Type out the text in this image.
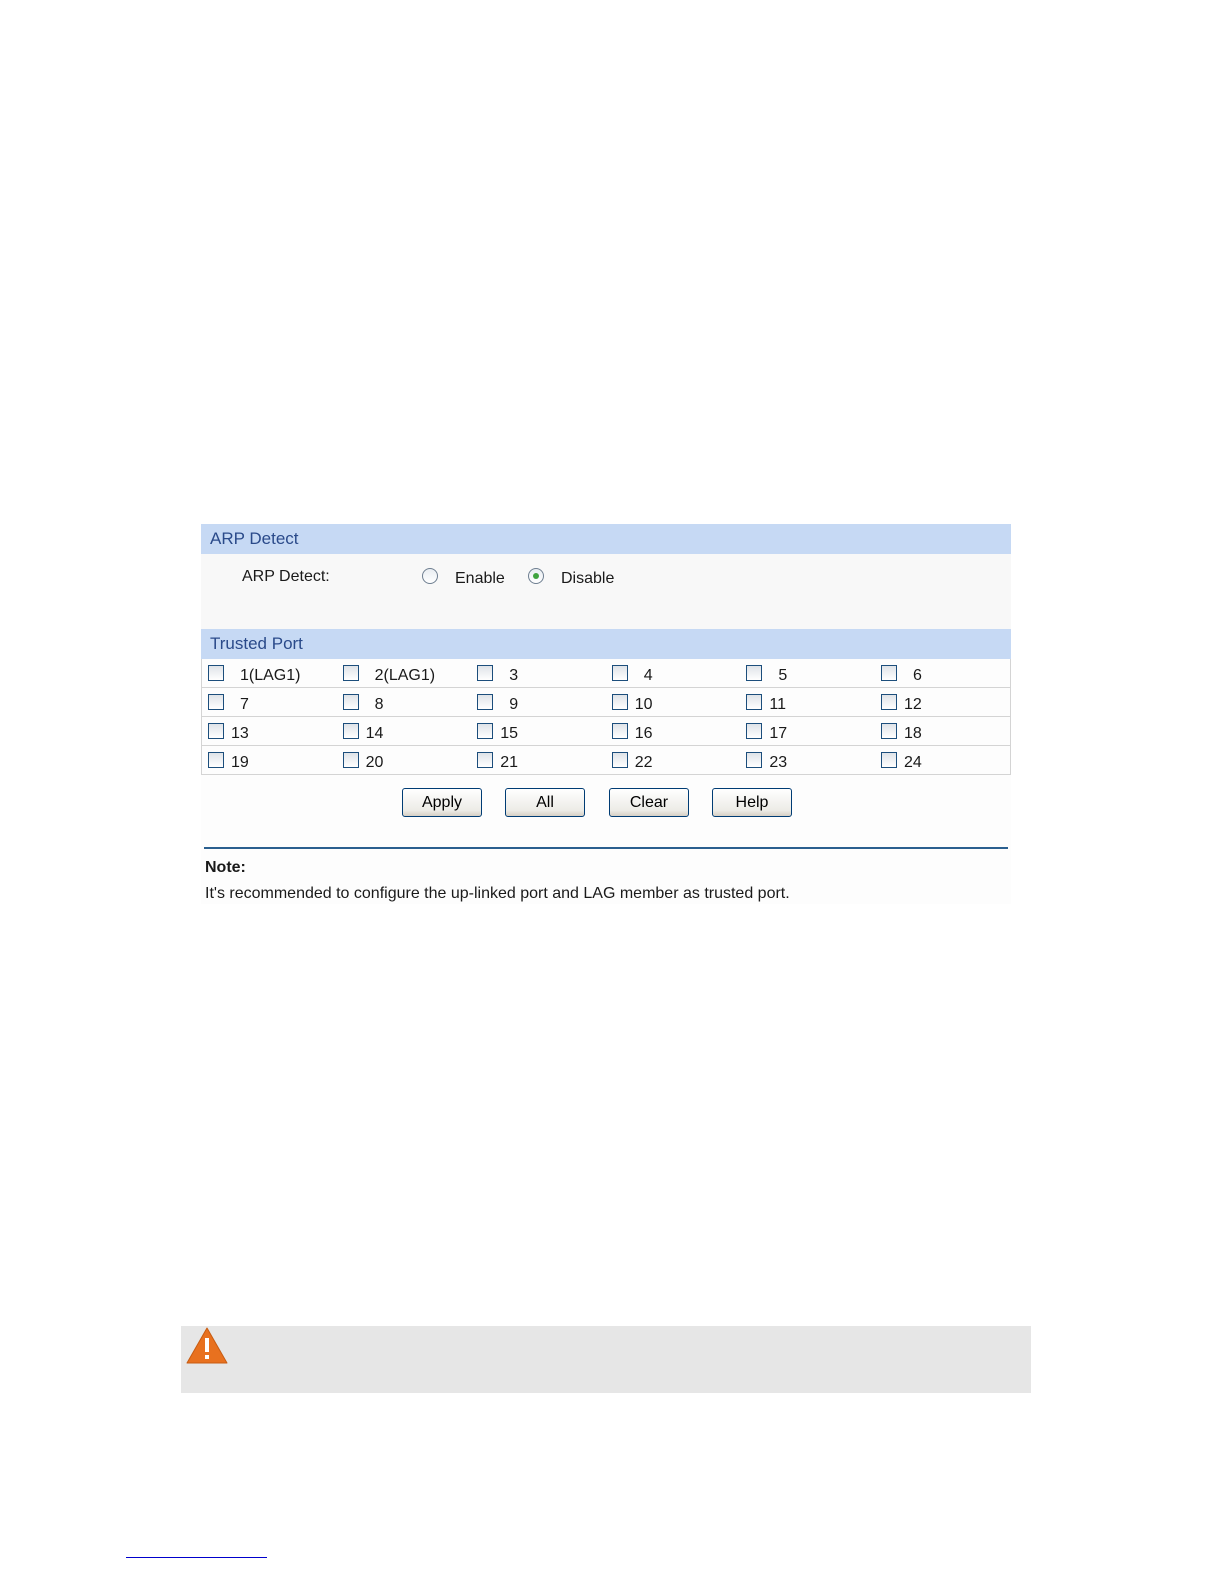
ARP Detect
ARP Detect:	Enable	Disable
Trusted Port
1(LAG1)	2(LAG1)	3	4	5	6
7	8	9	10	11	12
13	14	15	16	17	18
19	20	21	22	23	24
Apply	All	Clear	Help
Note:
It's recommended to configure the up-linked port and LAG member as trusted port.
